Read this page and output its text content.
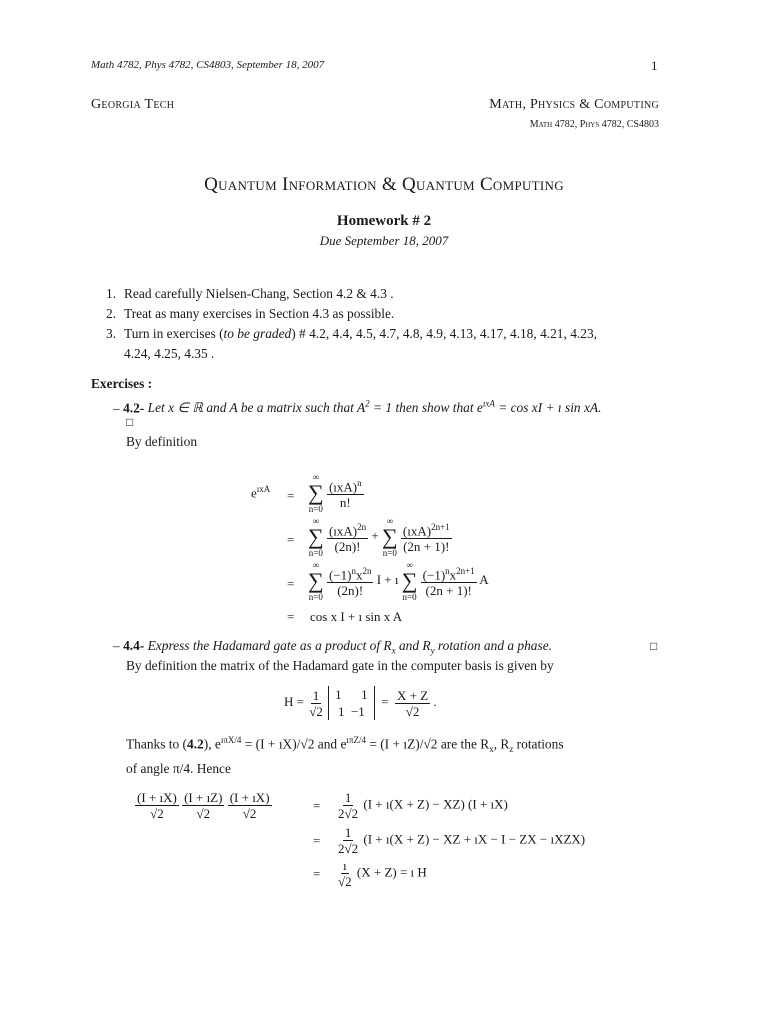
Math 4782, Phys 4782, CS4803, September 18, 2007	1
Georgia Tech	Math, Physics & Computing
Math 4782, Phys 4782, CS4803
Quantum Information & Quantum Computing
Homework # 2
Due September 18, 2007
1. Read carefully Nielsen-Chang, Section 4.2 & 4.3 .
2. Treat as many exercises in Section 4.3 as possible.
3. Turn in exercises (to be graded) # 4.2, 4.4, 4.5, 4.7, 4.8, 4.9, 4.13, 4.17, 4.18, 4.21, 4.23,
4.24, 4.25, 4.35 .
Exercises :
– 4.2- Let x ∈ ℝ and A be a matrix such that $A^2 = 1$ then show that $e^{ıxA} = \cos$ xI + ı sin xA.
□
By definition
$e^{ıxA}$ =
∞
∑
n=0
$\frac{(ıxA)^n}{n!}$
=
∞
∑
n=0
$\frac{(ıxA)^{2n}}{(2n)!}$ +
∞
∑
n=0
$\frac{(ıxA)^{2n+1}}{(2n + 1)!}$
=
∞
∑
n=0
$\frac{(-1)^nx^{2n}}{(2n)!}$ I + ı
∞
∑
n=0
$\frac{(-1)^nx^{2n+1}}{(2n + 1)!}$ A
= cos x I + ı sin x A
– 4.4- Express the Hadamard gate as a product of $R_x$ and $R_y$ rotation and a phase.	□
By definition the matrix of the Hadamard gate in the computer basis is given by
$H = \frac{1}{√2} 1$      1
$1 -1 = \frac{X + Z}{√2}$ .
Thanks to (4.2), $e^{ı\pi X/4} = (I$ + ıX)/√2 and $e^{ı\pi Z/4} = (I$ + ıZ)/√2 are the $R_x$, $R_z$ rotations
of angle π/4. Hence
$\frac{(I + ıX)}{√2}$
$\frac{(I + ıZ)}{√2}$
$\frac{(I + ıX)}{√2}$	= $\frac{1}{2√2} (I$ + ı(X + Z) − XZ) (I + ıX)
= $\frac{1}{2√2} (I$ + ı(X + Z) − XZ + ıX − I − ZX − ıXZX)
= $\frac{ı}{√2} (X + Z)$ = ı H
